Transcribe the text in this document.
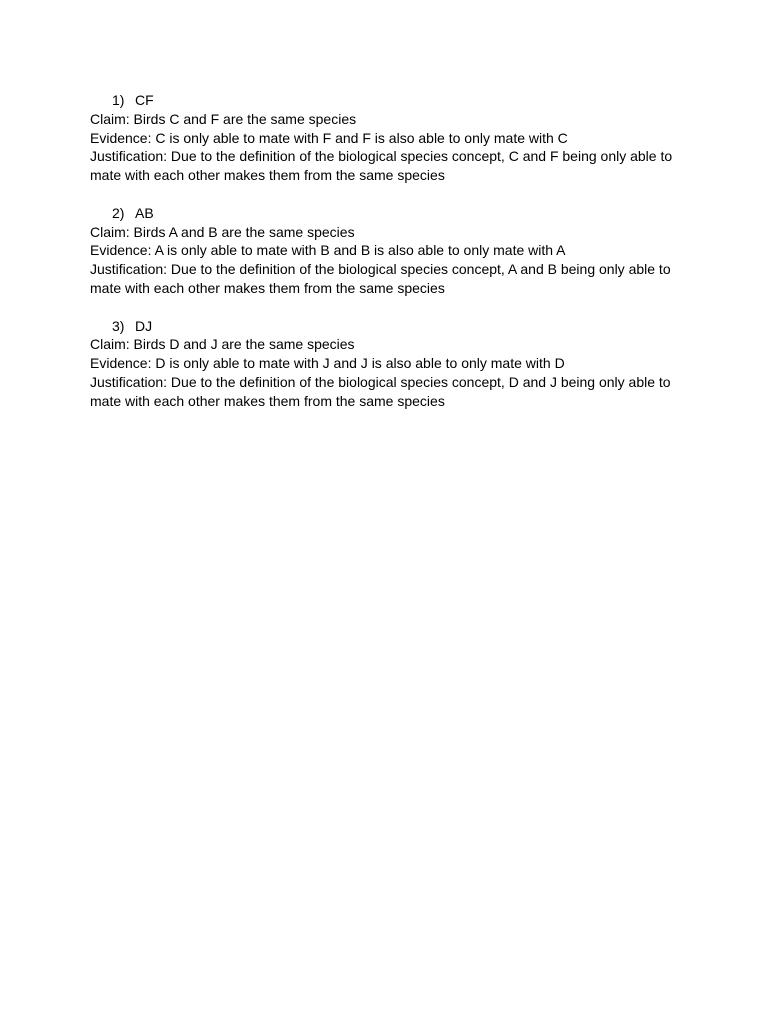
1) CF
Claim: Birds C and F are the same species
Evidence: C is only able to mate with F and F is also able to only mate with C
Justification: Due to the definition of the biological species concept, C and F being only able to
mate with each other makes them from the same species
2) AB
Claim: Birds A and B are the same species
Evidence: A is only able to mate with B and B is also able to only mate with A
Justification: Due to the definition of the biological species concept, A and B being only able to
mate with each other makes them from the same species
3) DJ
Claim: Birds D and J are the same species
Evidence: D is only able to mate with J and J is also able to only mate with D
Justification: Due to the definition of the biological species concept, D and J being only able to
mate with each other makes them from the same species
